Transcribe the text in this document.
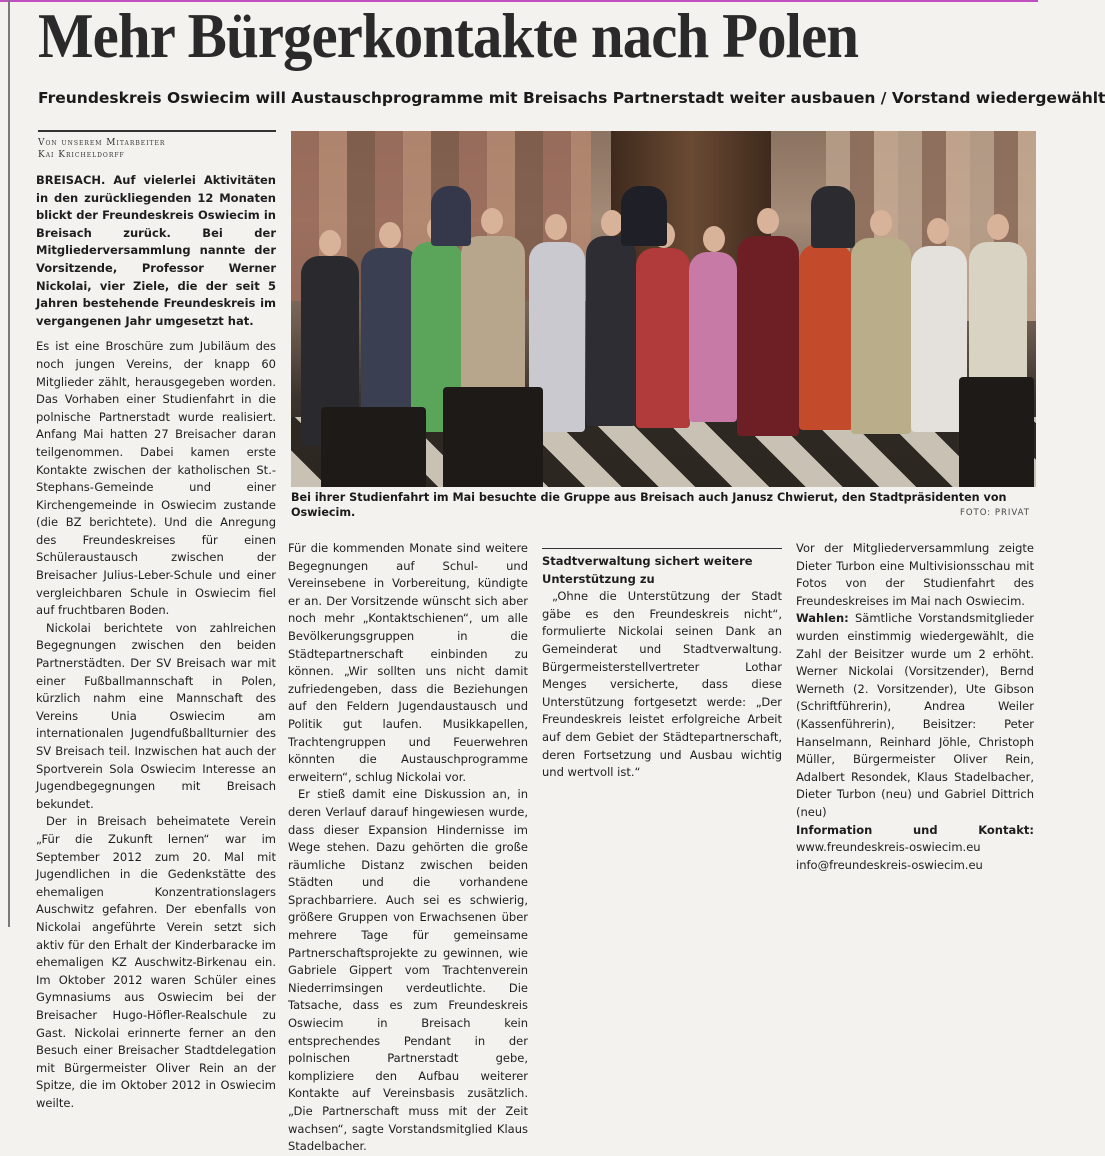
Mehr Bürgerkontakte nach Polen
Freundeskreis Oswiecim will Austauschprogramme mit Breisachs Partnerstadt weiter ausbauen / Vorstand wiedergewählt
Von unserem Mitarbeiter
Kai Kricheldorff
Bei ihrer Studienfahrt im Mai besuchte die Gruppe aus Breisach auch Janusz Chwierut, den Stadtpräsidenten von Oswiecim.	FOTO: PRIVAT

BREISACH. Auf vielerlei Aktivitäten in den zurückliegenden 12 Monaten blickt der Freundeskreis Oswiecim in Breisach zurück. Bei der Mitgliederversammlung nannte der Vorsitzende, Professor Werner Nickolai, vier Ziele, die der seit 5 Jahren bestehende Freundeskreis im vergangenen Jahr umgesetzt hat.

Es ist eine Broschüre zum Jubiläum des noch jungen Vereins, der knapp 60 Mitglieder zählt, herausgegeben worden. Das Vorhaben einer Studienfahrt in die polnische Partnerstadt wurde realisiert. Anfang Mai hatten 27 Breisacher daran teilgenommen. Dabei kamen erste Kontakte zwischen der katholischen St.-Stephans-Gemeinde und einer Kirchengemeinde in Oswiecim zustande (die BZ berichtete). Und die Anregung des Freundeskreises für einen Schüleraustausch zwischen der Breisacher Julius-Leber-Schule und einer vergleichbaren Schule in Oswiecim fiel auf fruchtbaren Boden.

Nickolai berichtete von zahlreichen Begegnungen zwischen den beiden Partnerstädten. Der SV Breisach war mit einer Fußballmannschaft in Polen, kürzlich nahm eine Mannschaft des Vereins Unia Oswiecim am internationalen Jugendfußballturnier des SV Breisach teil. Inzwischen hat auch der Sportverein Sola Oswiecim Interesse an Jugendbegegnungen mit Breisach bekundet.

Der in Breisach beheimatete Verein „Für die Zukunft lernen“ war im September 2012 zum 20. Mal mit Jugendlichen in die Gedenkstätte des ehemaligen Konzentrationslagers Auschwitz gefahren. Der ebenfalls von Nickolai angeführte Verein setzt sich aktiv für den Erhalt der Kinderbaracke im ehemaligen KZ Auschwitz-Birkenau ein. Im Oktober 2012 waren Schüler eines Gymnasiums aus Oswiecim bei der Breisacher Hugo-Höfler-Realschule zu Gast. Nickolai erinnerte ferner an den Besuch einer Breisacher Stadtdelegation mit Bürgermeister Oliver Rein an der Spitze, die im Oktober 2012 in Oswiecim weilte.

Für die kommenden Monate sind weitere Begegnungen auf Schul- und Vereinsebene in Vorbereitung, kündigte er an. Der Vorsitzende wünscht sich aber noch mehr „Kontaktschienen“, um alle Bevölkerungsgruppen in die Städtepartnerschaft einbinden zu können. „Wir sollten uns nicht damit zufriedengeben, dass die Beziehungen auf den Feldern Jugendaustausch und Politik gut laufen. Musikkapellen, Trachtengruppen und Feuerwehren könnten die Austauschprogramme erweitern“, schlug Nickolai vor.

Er stieß damit eine Diskussion an, in deren Verlauf darauf hingewiesen wurde, dass dieser Expansion Hindernisse im Wege stehen. Dazu gehörten die große räumliche Distanz zwischen beiden Städten und die vorhandene Sprachbarriere. Auch sei es schwierig, größere Gruppen von Erwachsenen über mehrere Tage für gemeinsame Partnerschaftsprojekte zu gewinnen, wie Gabriele Gippert vom Trachtenverein Niederrimsingen verdeutlichte. Die Tatsache, dass es zum Freundeskreis Oswiecim in Breisach kein entsprechendes Pendant in der polnischen Partnerstadt gebe, kompliziere den Aufbau weiterer Kontakte auf Vereinsbasis zusätzlich. „Die Partnerschaft muss mit der Zeit wachsen“, sagte Vorstandsmitglied Klaus Stadelbacher.

Stadtverwaltung sichert weitere Unterstützung zu

„Ohne die Unterstützung der Stadt gäbe es den Freundeskreis nicht“, formulierte Nickolai seinen Dank an Gemeinderat und Stadtverwaltung. Bürgermeisterstellvertreter Lothar Menges versicherte, dass diese Unterstützung fortgesetzt werde: „Der Freundeskreis leistet erfolgreiche Arbeit auf dem Gebiet der Städtepartnerschaft, deren Fortsetzung und Ausbau wichtig und wertvoll ist.“

Vor der Mitgliederversammlung zeigte Dieter Turbon eine Multivisionsschau mit Fotos von der Studienfahrt des Freundeskreises im Mai nach Oswiecim.

Wahlen: Sämtliche Vorstandsmitglieder wurden einstimmig wiedergewählt, die Zahl der Beisitzer wurde um 2 erhöht. Werner Nickolai (Vorsitzender), Bernd Werneth (2. Vorsitzender), Ute Gibson (Schriftführerin), Andrea Weiler (Kassenführerin), Beisitzer: Peter Hanselmann, Reinhard Jöhle, Christoph Müller, Bürgermeister Oliver Rein, Adalbert Resondek, Klaus Stadelbacher, Dieter Turbon (neu) und Gabriel Dittrich (neu)

Information und Kontakt: www.freundeskreis-oswiecim.eu info@freundeskreis-oswiecim.eu
